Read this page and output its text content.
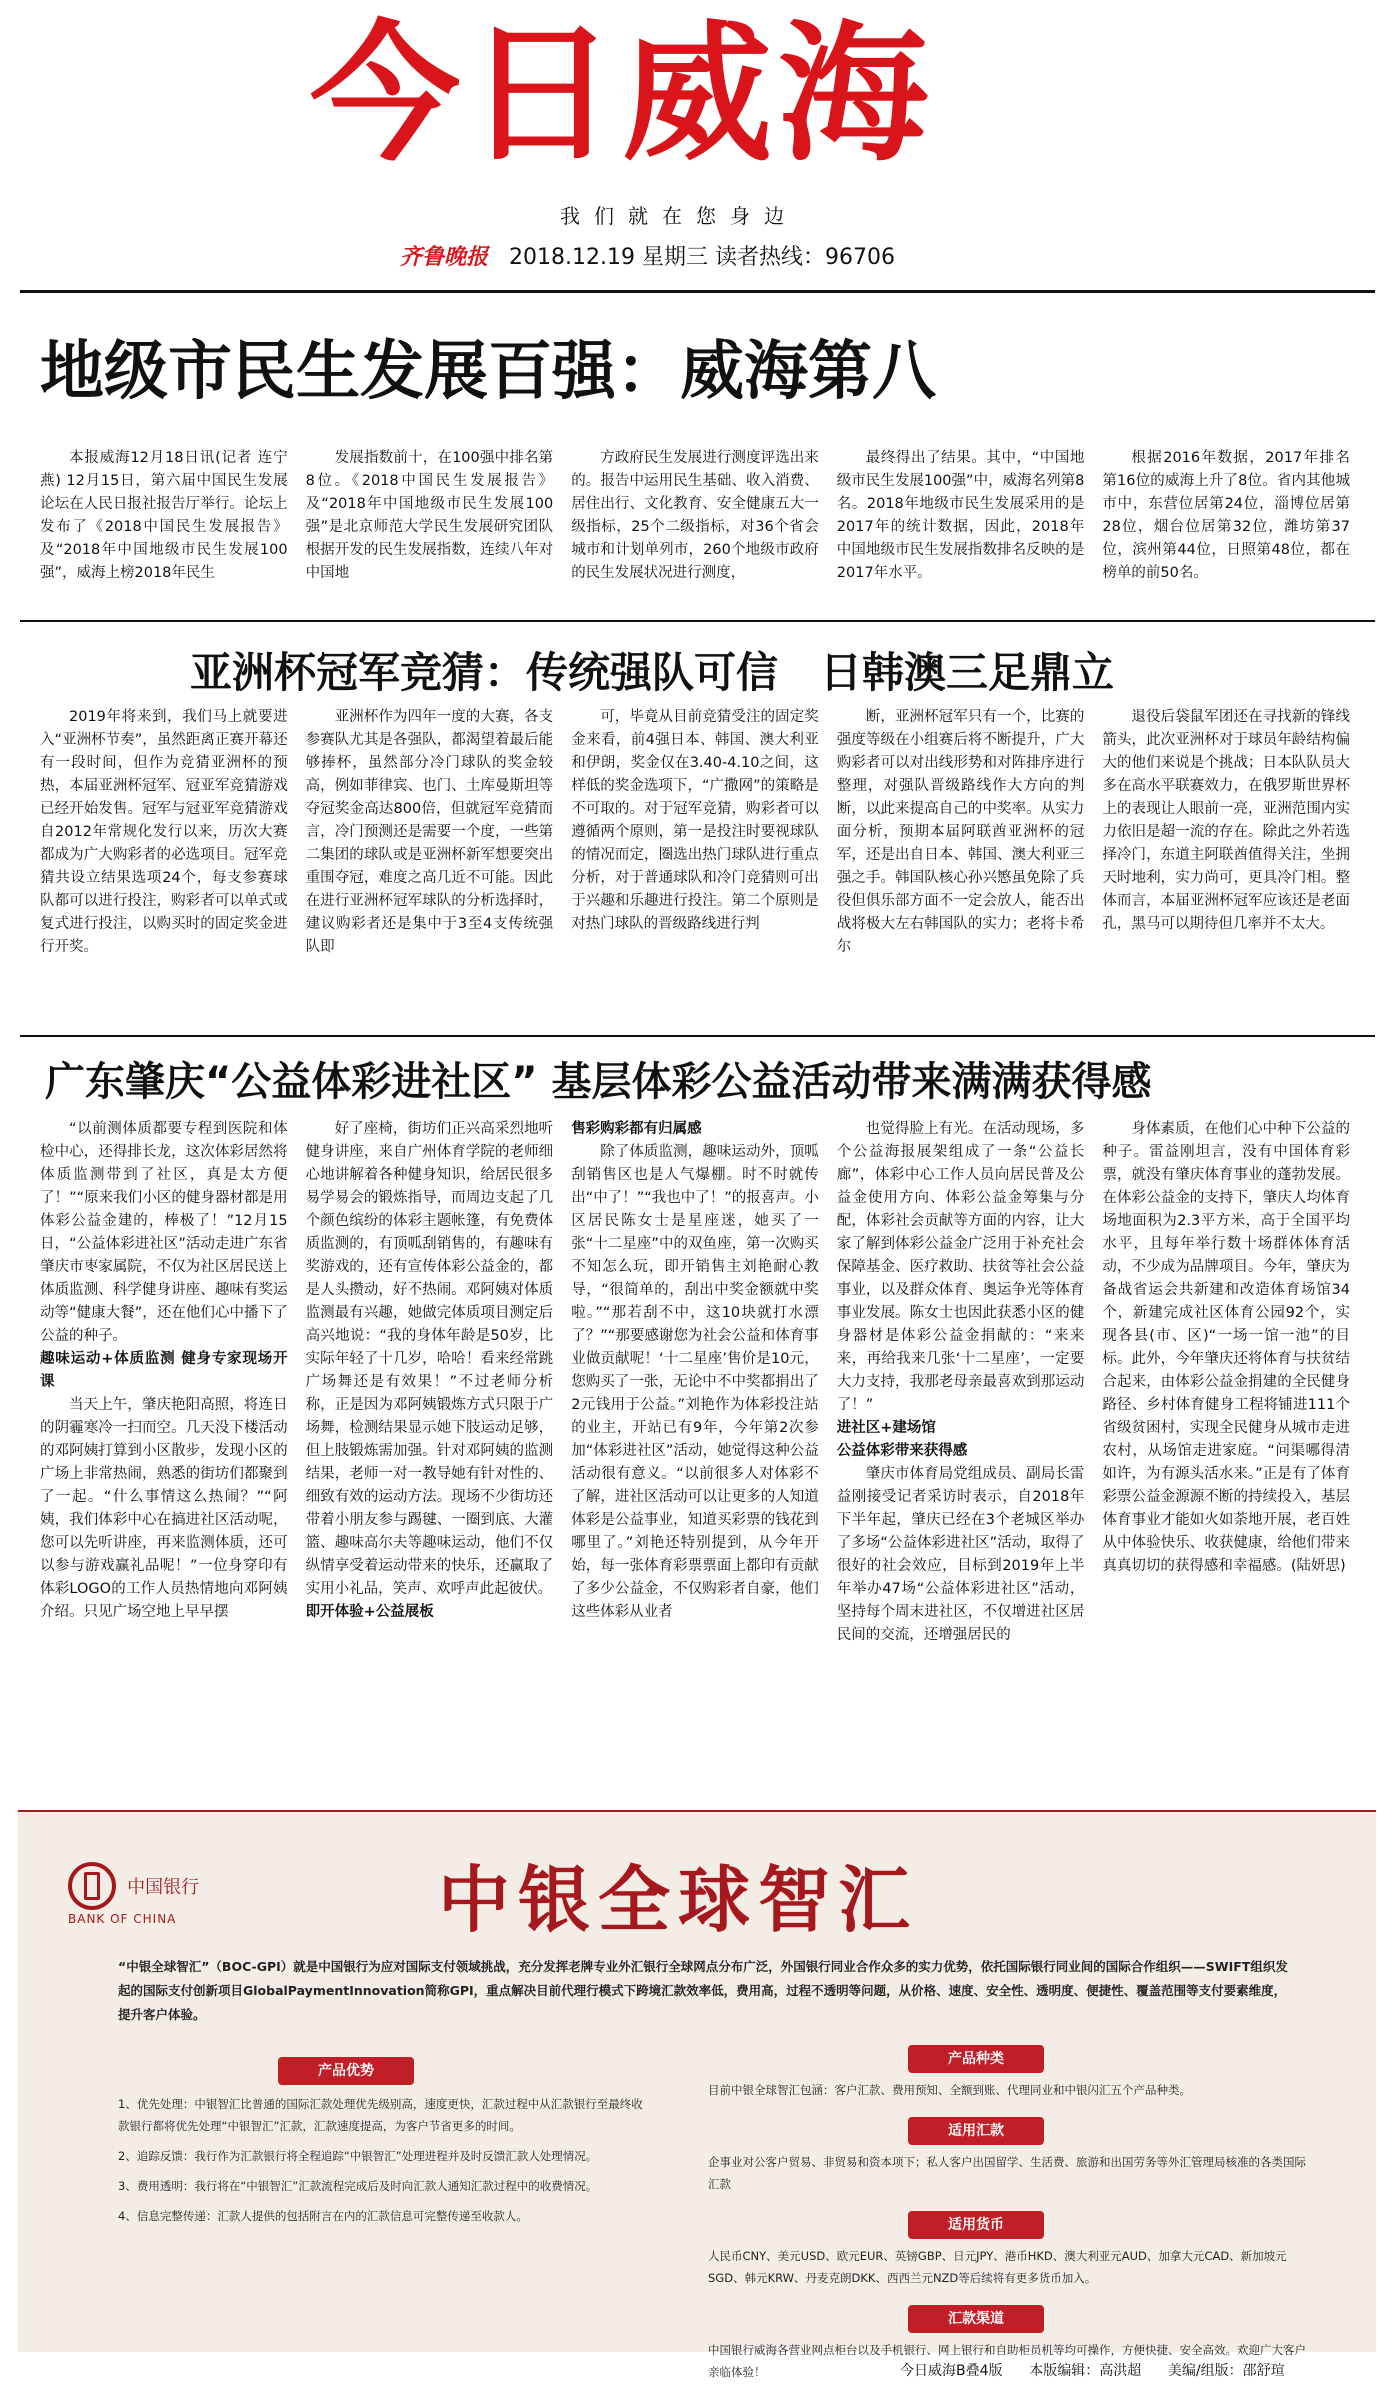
今日威海
我们就在您身边
齐鲁晚报 2018.12.19 星期三 读者热线：96706
地级市民生发展百强：威海第八

本报威海12月18日讯(记者 连宁燕) 12月15日，第六届中国民生发展论坛在人民日报社报告厅举行。论坛上发布了《2018中国民生发展报告》及“2018年中国地级市民生发展100强”，威海上榜2018年民生

发展指数前十，在100强中排名第8位。《2018中国民生发展报告》及“2018年中国地级市民生发展100强”是北京师范大学民生发展研究团队根据开发的民生发展指数，连续八年对中国地

方政府民生发展进行测度评选出来的。报告中运用民生基础、收入消费、居住出行、文化教育、安全健康五大一级指标，25个二级指标，对36个省会城市和计划单列市，260个地级市政府的民生发展状况进行测度，

最终得出了结果。其中，“中国地级市民生发展100强”中，威海名列第8名。2018年地级市民生发展采用的是2017年的统计数据，因此，2018年中国地级市民生发展指数排名反映的是2017年水平。

根据2016年数据，2017年排名第16位的威海上升了8位。省内其他城市中，东营位居第24位，淄博位居第28位，烟台位居第32位，潍坊第37位，滨州第44位，日照第48位，都在榜单的前50名。

亚洲杯冠军竞猜：传统强队可信　日韩澳三足鼎立

2019年将来到，我们马上就要进入“亚洲杯节奏”，虽然距离正赛开幕还有一段时间，但作为竞猜亚洲杯的预热，本届亚洲杯冠军、冠亚军竞猜游戏已经开始发售。冠军与冠亚军竞猜游戏自2012年常规化发行以来，历次大赛都成为广大购彩者的必选项目。冠军竞猜共设立结果选项24个，每支参赛球队都可以进行投注，购彩者可以单式或复式进行投注，以购买时的固定奖金进行开奖。

亚洲杯作为四年一度的大赛，各支参赛队尤其是各强队，都渴望着最后能够捧杯，虽然部分冷门球队的奖金较高，例如菲律宾、也门、土库曼斯坦等夺冠奖金高达800倍，但就冠军竞猜而言，冷门预测还是需要一个度，一些第二集团的球队或是亚洲杯新军想要突出重围夺冠，难度之高几近不可能。因此在进行亚洲杯冠军球队的分析选择时，建议购彩者还是集中于3至4支传统强队即

可，毕竟从目前竞猜受注的固定奖金来看，前4强日本、韩国、澳大利亚和伊朗，奖金仅在3.40-4.10之间，这样低的奖金选项下，“广撒网”的策略是不可取的。对于冠军竞猜，购彩者可以遵循两个原则，第一是投注时要视球队的情况而定，圈选出热门球队进行重点分析，对于普通球队和冷门竞猜则可出于兴趣和乐趣进行投注。第二个原则是对热门球队的晋级路线进行判

断，亚洲杯冠军只有一个，比赛的强度等级在小组赛后将不断提升，广大购彩者可以对出线形势和对阵排序进行整理，对强队晋级路线作大方向的判断，以此来提高自己的中奖率。从实力面分析，预期本届阿联酋亚洲杯的冠军，还是出自日本、韩国、澳大利亚三强之手。韩国队核心孙兴慜虽免除了兵役但俱乐部方面不一定会放人，能否出战将极大左右韩国队的实力；老将卡希尔

退役后袋鼠军团还在寻找新的锋线箭头，此次亚洲杯对于球员年龄结构偏大的他们来说是个挑战；日本队队员大多在高水平联赛效力，在俄罗斯世界杯上的表现让人眼前一亮，亚洲范围内实力依旧是超一流的存在。除此之外若选择冷门，东道主阿联酋值得关注，坐拥天时地利，实力尚可，更具冷门相。整体而言，本届亚洲杯冠军应该还是老面孔，黑马可以期待但几率并不太大。

广东肇庆“公益体彩进社区” 基层体彩公益活动带来满满获得感

“以前测体质都要专程到医院和体检中心，还得排长龙，这次体彩居然将体质监测带到了社区，真是太方便了！”“原来我们小区的健身器材都是用体彩公益金建的，棒极了！”12月15日，“公益体彩进社区”活动走进广东省肇庆市枣家属院，不仅为社区居民送上体质监测、科学健身讲座、趣味有奖运动等“健康大餐”，还在他们心中播下了公益的种子。

趣味运动+体质监测 健身专家现场开课

当天上午，肇庆艳阳高照，将连日的阴霾寒冷一扫而空。几天没下楼活动的邓阿姨打算到小区散步，发现小区的广场上非常热闹，熟悉的街坊们都聚到了一起。“什么事情这么热闹？”“阿姨，我们体彩中心在搞进社区活动呢，您可以先听讲座，再来监测体质，还可以参与游戏赢礼品呢！”一位身穿印有体彩LOGO的工作人员热情地向邓阿姨介绍。只见广场空地上早早摆

好了座椅，街坊们正兴高采烈地听健身讲座，来自广州体育学院的老师细心地讲解着各种健身知识，给居民很多易学易会的锻炼指导，而周边支起了几个颜色缤纷的体彩主题帐篷，有免费体质监测的，有顶呱刮销售的，有趣味有奖游戏的，还有宣传体彩公益金的，都是人头攒动，好不热闹。邓阿姨对体质监测最有兴趣，她做完体质项目测定后高兴地说：“我的身体年龄是50岁，比实际年轻了十几岁，哈哈！看来经常跳广场舞还是有效果！”不过老师分析称，正是因为邓阿姨锻炼方式只限于广场舞，检测结果显示她下肢运动足够，但上肢锻炼需加强。针对邓阿姨的监测结果，老师一对一教导她有针对性的、细致有效的运动方法。现场不少街坊还带着小朋友参与踢毽、一圈到底、大灌篮、趣味高尔夫等趣味运动，他们不仅纵情享受着运动带来的快乐，还赢取了实用小礼品，笑声、欢呼声此起彼伏。

即开体验+公益展板

售彩购彩都有归属感

除了体质监测，趣味运动外，顶呱刮销售区也是人气爆棚。时不时就传出“中了！”“我也中了！”的报喜声。小区居民陈女士是星座迷，她买了一张“十二星座”中的双鱼座，第一次购买不知怎么玩，即开销售主刘艳耐心教导，“很简单的，刮出中奖金额就中奖啦。”“那若刮不中，这10块就打水漂了？”“那要感谢您为社会公益和体育事业做贡献呢！‘十二星座’售价是10元，您购买了一张，无论中不中奖都捐出了2元钱用于公益。”刘艳作为体彩投注站的业主，开站已有9年，今年第2次参加“体彩进社区”活动，她觉得这种公益活动很有意义。“以前很多人对体彩不了解，进社区活动可以让更多的人知道体彩是公益事业，知道买彩票的钱花到哪里了。”刘艳还特别提到，从今年开始，每一张体育彩票票面上都印有贡献了多少公益金，不仅购彩者自豪，他们这些体彩从业者

也觉得脸上有光。在活动现场，多个公益海报展架组成了一条“公益长廊”，体彩中心工作人员向居民普及公益金使用方向、体彩公益金筹集与分配，体彩社会贡献等方面的内容，让大家了解到体彩公益金广泛用于补充社会保障基金、医疗救助、扶贫等社会公益事业，以及群众体育、奥运争光等体育事业发展。陈女士也因此获悉小区的健身器材是体彩公益金捐献的：“来来来，再给我来几张‘十二星座’，一定要大力支持，我那老母亲最喜欢到那运动了！”

进社区+建场馆

公益体彩带来获得感

肇庆市体育局党组成员、副局长雷益刚接受记者采访时表示，自2018年下半年起，肇庆已经在3个老城区举办了多场“公益体彩进社区”活动，取得了很好的社会效应，目标到2019年上半年举办47场“公益体彩进社区”活动，坚持每个周末进社区，不仅增进社区居民间的交流，还增强居民的

身体素质，在他们心中种下公益的种子。雷益刚坦言，没有中国体育彩票，就没有肇庆体育事业的蓬勃发展。在体彩公益金的支持下，肇庆人均体育场地面积为2.3平方米，高于全国平均水平，且每年举行数十场群体体育活动，不少成为品牌项目。今年，肇庆为备战省运会共新建和改造体育场馆34个，新建完成社区体育公园92个，实现各县(市、区)“一场一馆一池”的目标。此外，今年肇庆还将体育与扶贫结合起来，由体彩公益金捐建的全民健身路径、乡村体育健身工程将铺进111个省级贫困村，实现全民健身从城市走进农村，从场馆走进家庭。“问渠哪得清如许，为有源头活水来。”正是有了体育彩票公益金源源不断的持续投入，基层体育事业才能如火如荼地开展，老百姓从中体验快乐、收获健康，给他们带来真真切切的获得感和幸福感。(陆妍思)

中国银行
BANK OF CHINA	中银全球智汇
“中银全球智汇”（BOC-GPI）就是中国银行为应对国际支付领域挑战，充分发挥老牌专业外汇银行全球网点分布广泛，外国银行同业合作众多的实力优势，依托国际银行同业间的国际合作组织——SWIFT组织发起的国际支付创新项目GlobalPaymentInnovation简称GPI，重点解决目前代理行模式下跨境汇款效率低，费用高，过程不透明等问题，从价格、速度、安全性、透明度、便捷性、覆盖范围等支付要素维度，提升客户体验。
产品优势

1、优先处理：中银智汇比普通的国际汇款处理优先级别高，速度更快，汇款过程中从汇款银行至最终收款银行都将优先处理“中银智汇”汇款，汇款速度提高，为客户节省更多的时间。

2、追踪反馈：我行作为汇款银行将全程追踪“中银智汇”处理进程并及时反馈汇款人处理情况。

3、费用透明：我行将在“中银智汇”汇款流程完成后及时向汇款人通知汇款过程中的收费情况。

4、信息完整传递：汇款人提供的包括附言在内的汇款信息可完整传递至收款人。

产品种类

目前中银全球智汇包涵：客户汇款、费用预知、全额到账、代理同业和中银闪汇五个产品种类。

适用汇款

企事业对公客户贸易、非贸易和资本项下；私人客户出国留学、生活费、旅游和出国劳务等外汇管理局核准的各类国际汇款

适用货币

人民币CNY、美元USD、欧元EUR、英镑GBP、日元JPY、港币HKD、澳大利亚元AUD、加拿大元CAD、新加坡元SGD、韩元KRW、丹麦克朗DKK、西西兰元NZD等后续将有更多货币加入。

汇款渠道

中国银行威海各营业网点柜台以及手机银行、网上银行和自助柜员机等均可操作，方便快捷、安全高效。欢迎广大客户亲临体验！	今日威海B叠4版 本版编辑：高洪超 美编/组版：邵舒瑄
